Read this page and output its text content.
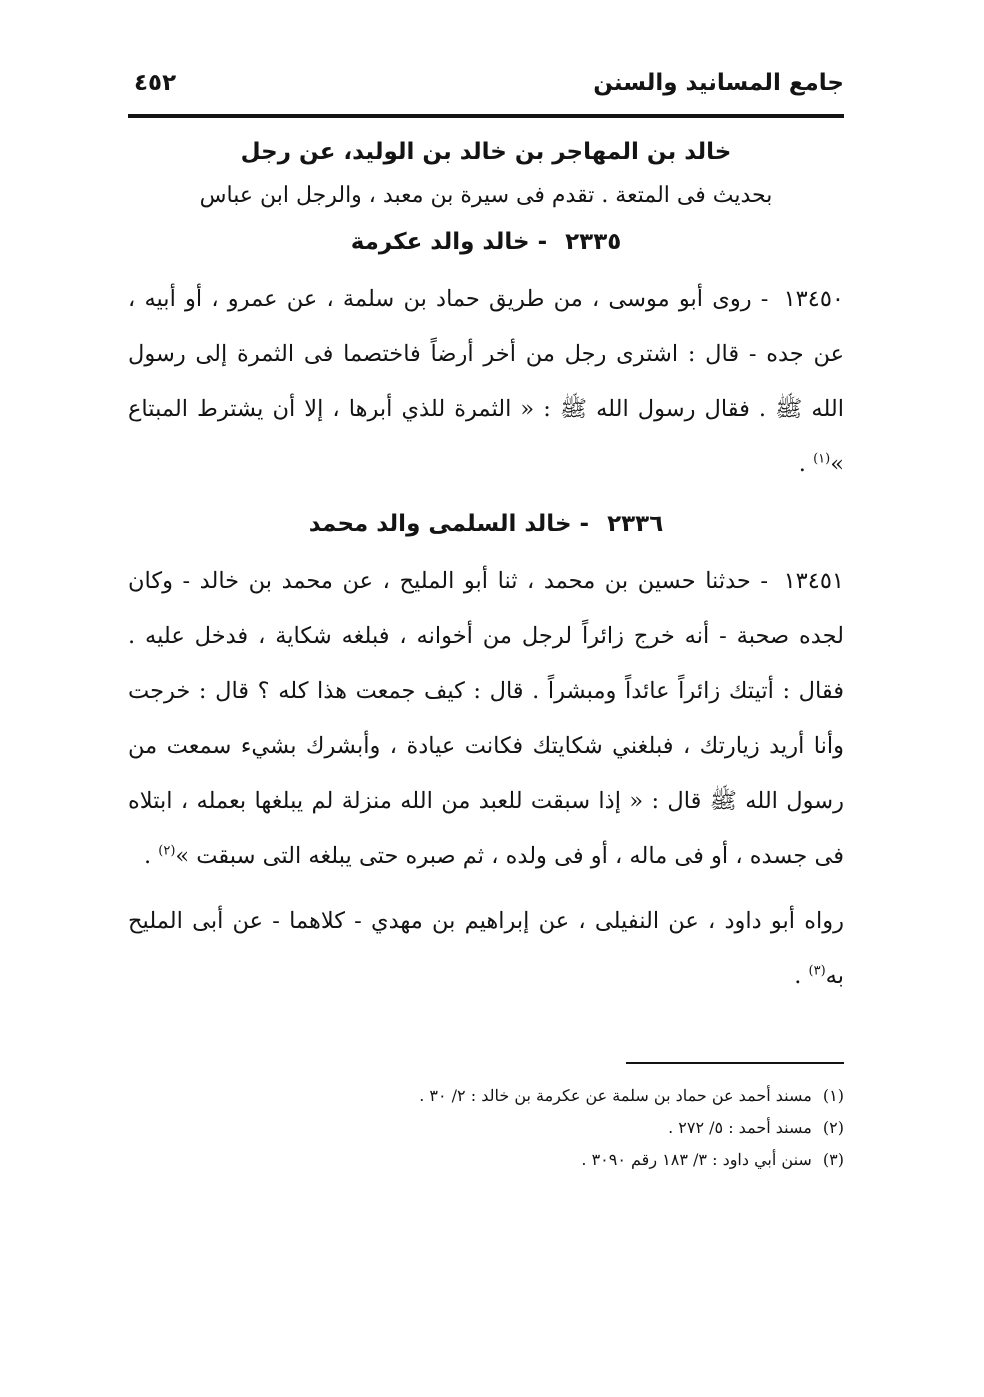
جامع المسانيد والسنن
٤٥٢

خالد بن المهاجر بن خالد بن الوليد، عن رجل

بحديث فى المتعة . تقدم فى سيرة بن معبد ، والرجل ابن عباس

٢٣٣٥ - خالد والد عكرمة

١٣٤٥٠ - روى أبو موسى ، من طريق حماد بن سلمة ، عن عمرو ، أو أبيه ، عن جده - قال : اشترى رجل من أخر أرضاً فاختصما فى الثمرة إلى رسول الله ﷺ . فقال رسول الله ﷺ : « الثمرة للذي أبرها ، إلا أن يشترط المبتاع »$^{(١)}$ .

٢٣٣٦ - خالد السلمى والد محمد

١٣٤٥١ - حدثنا حسين بن محمد ، ثنا أبو المليح ، عن محمد بن خالد - وكان لجده صحبة - أنه خرج زائراً لرجل من أخوانه ، فبلغه شكاية ، فدخل عليه . فقال : أتيتك زائراً عائداً ومبشراً . قال : كيف جمعت هذا كله ؟ قال : خرجت وأنا أريد زيارتك ، فبلغني شكايتك فكانت عيادة ، وأبشرك بشيء سمعت من رسول الله ﷺ قال : « إذا سبقت للعبد من الله منزلة لم يبلغها بعمله ، ابتلاه فى جسده ، أو فى ماله ، أو فى ولده ، ثم صبره حتى يبلغه التى سبقت »$^{(٢)}$ .

رواه أبو داود ، عن النفيلى ، عن إبراهيم بن مهدي - كلاهما - عن أبى المليح به$^{(٣)}$ .

(١) مسند أحمد عن حماد بن سلمة عن عكرمة بن خالد : ٢/ ٣٠ .

(٢) مسند أحمد : ٥/ ٢٧٢ .

(٣) سنن أبي داود : ٣/ ١٨٣ رقم ٣٠٩٠ .
